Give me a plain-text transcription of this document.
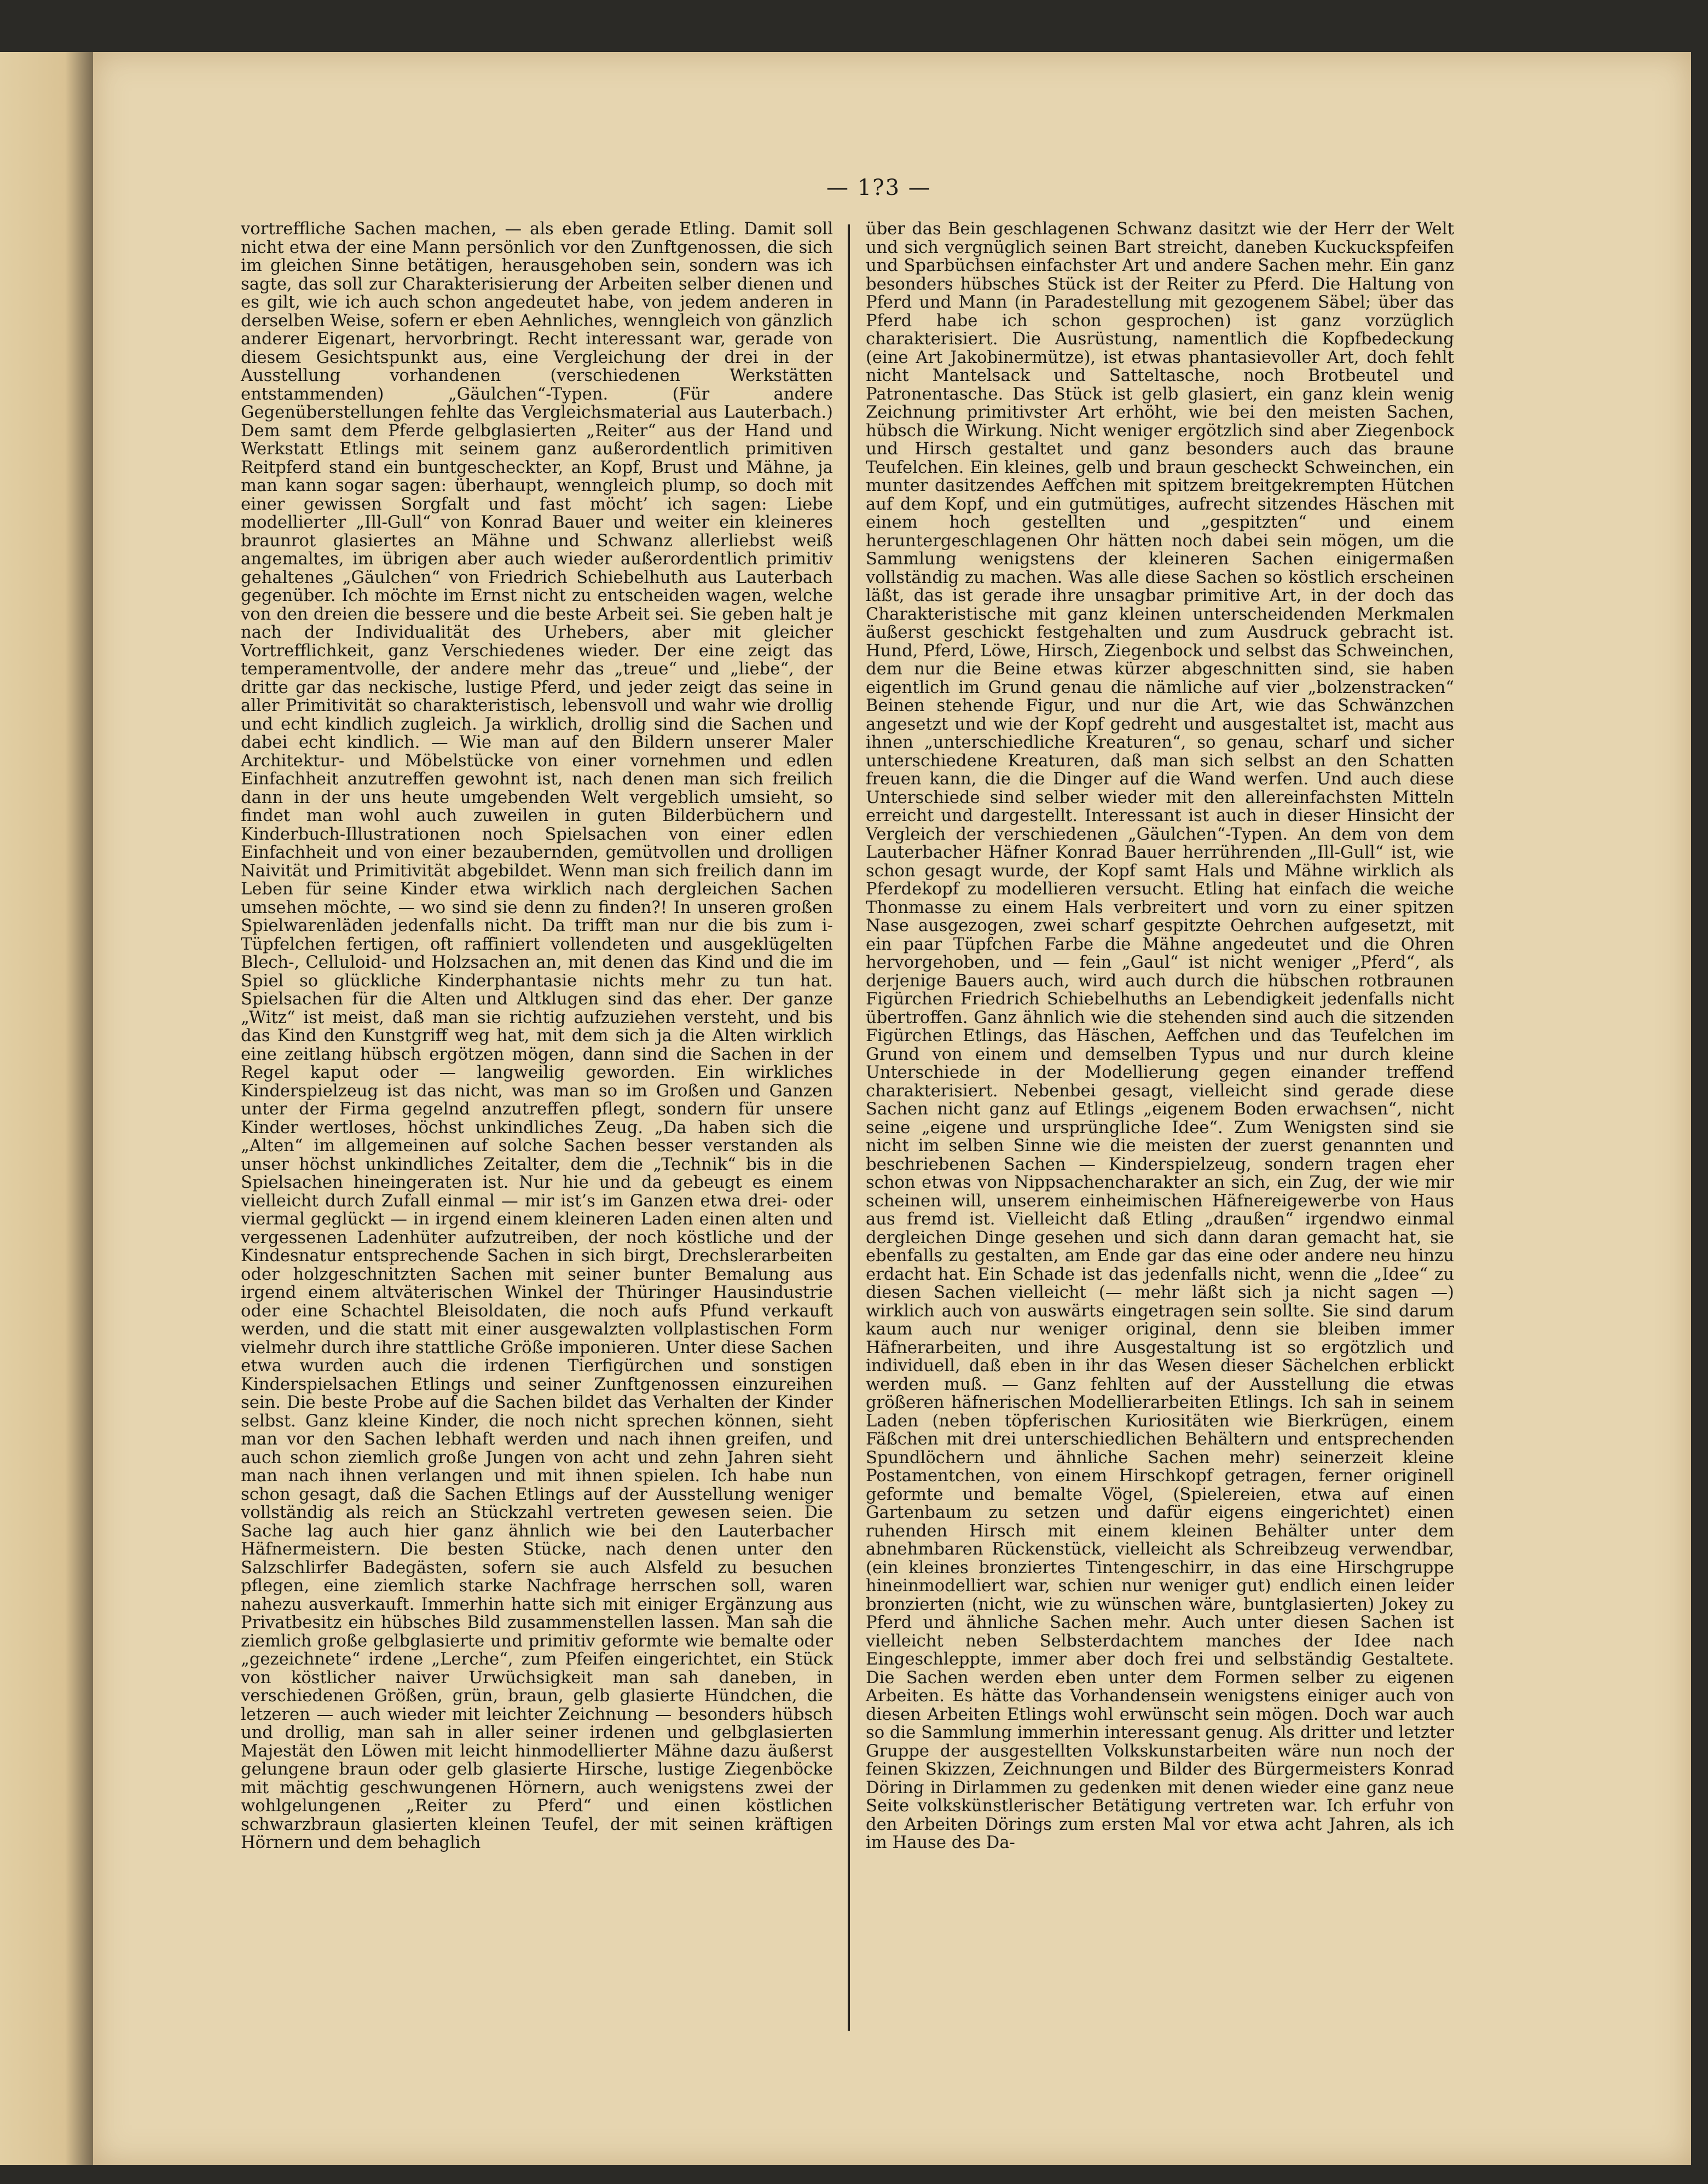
— 1?3 —

vortreffliche Sachen machen, — als eben gerade Etling. Damit soll nicht etwa der eine Mann persönlich vor den Zunftgenossen, die sich im gleichen Sinne betätigen, herausgehoben sein, sondern was ich sagte, das soll zur Charakterisierung der Arbeiten selber dienen und es gilt, wie ich auch schon angedeutet habe, von jedem anderen in derselben Weise, sofern er eben Aehnliches, wenngleich von gänzlich anderer Eigenart, hervorbringt. Recht interessant war, gerade von diesem Gesichtspunkt aus, eine Vergleichung der drei in der Ausstellung vorhandenen (verschiedenen Werkstätten entstammenden) „Gäulchen“-Typen. (Für andere Gegenüberstellungen fehlte das Vergleichsmaterial aus Lauterbach.) Dem samt dem Pferde gelbglasierten „Reiter“ aus der Hand und Werkstatt Etlings mit seinem ganz außerordentlich primitiven Reitpferd stand ein buntgescheckter, an Kopf, Brust und Mähne, ja man kann sogar sagen: überhaupt, wenngleich plump, so doch mit einer gewissen Sorgfalt und fast möcht’ ich sagen: Liebe modellierter „Ill-Gull“ von Konrad Bauer und weiter ein kleineres braunrot glasiertes an Mähne und Schwanz allerliebst weiß angemaltes, im übrigen aber auch wieder außerordentlich primitiv gehaltenes „Gäulchen“ von Friedrich Schiebelhuth aus Lauterbach gegenüber. Ich möchte im Ernst nicht zu entscheiden wagen, welche von den dreien die bessere und die beste Arbeit sei. Sie geben halt je nach der Individualität des Urhebers, aber mit gleicher Vortrefflichkeit, ganz Verschiedenes wieder. Der eine zeigt das temperamentvolle, der andere mehr das „treue“ und „liebe“, der dritte gar das neckische, lustige Pferd, und jeder zeigt das seine in aller Primitivität so charakteristisch, lebensvoll und wahr wie drollig und echt kindlich zugleich. Ja wirklich, drollig sind die Sachen und dabei echt kindlich. — Wie man auf den Bildern unserer Maler Architektur- und Möbelstücke von einer vornehmen und edlen Einfachheit anzutreffen gewohnt ist, nach denen man sich freilich dann in der uns heute umgebenden Welt vergeblich umsieht, so findet man wohl auch zuweilen in guten Bilderbüchern und Kinderbuch-Illustrationen noch Spielsachen von einer edlen Einfachheit und von einer bezaubernden, gemütvollen und drolligen Naivität und Primitivität abgebildet. Wenn man sich freilich dann im Leben für seine Kinder etwa wirklich nach dergleichen Sachen umsehen möchte, — wo sind sie denn zu finden?! In unseren großen Spielwarenläden jedenfalls nicht. Da trifft man nur die bis zum i-Tüpfelchen fertigen, oft raffiniert vollendeten und ausgeklügelten Blech-, Celluloid- und Holzsachen an, mit denen das Kind und die im Spiel so glückliche Kinderphantasie nichts mehr zu tun hat. Spielsachen für die Alten und Altklugen sind das eher. Der ganze „Witz“ ist meist, daß man sie richtig aufzuziehen versteht, und bis das Kind den Kunstgriff weg hat, mit dem sich ja die Alten wirklich eine zeitlang hübsch ergötzen mögen, dann sind die Sachen in der Regel kaput oder — langweilig geworden. Ein wirkliches Kinderspielzeug ist das nicht, was man so im Großen und Ganzen unter der Firma gegelnd anzutreffen pflegt, sondern für unsere Kinder wertloses, höchst unkindliches Zeug. „Da haben sich die „Alten“ im allgemeinen auf solche Sachen besser verstanden als unser höchst unkindliches Zeitalter, dem die „Technik“ bis in die Spielsachen hineingeraten ist. Nur hie und da gebeugt es einem vielleicht durch Zufall einmal — mir ist’s im Ganzen etwa drei- oder viermal geglückt — in irgend einem kleineren Laden einen alten und vergessenen Ladenhüter aufzutreiben, der noch köstliche und der Kindesnatur entsprechende Sachen in sich birgt, Drechslerarbeiten oder holzgeschnitzten Sachen mit seiner bunter Bemalung aus irgend einem altväterischen Winkel der Thüringer Hausindustrie oder eine Schachtel Bleisoldaten, die noch aufs Pfund verkauft werden, und die statt mit einer ausgewalzten vollplastischen Form vielmehr durch ihre stattliche Größe imponieren. Unter diese Sachen etwa wurden auch die irdenen Tierfigürchen und sonstigen Kinderspielsachen Etlings und seiner Zunftgenossen einzureihen sein. Die beste Probe auf die Sachen bildet das Verhalten der Kinder selbst. Ganz kleine Kinder, die noch nicht sprechen können, sieht man vor den Sachen lebhaft werden und nach ihnen greifen, und auch schon ziemlich große Jungen von acht und zehn Jahren sieht man nach ihnen verlangen und mit ihnen spielen. Ich habe nun schon gesagt, daß die Sachen Etlings auf der Ausstellung weniger vollständig als reich an Stückzahl vertreten gewesen seien. Die Sache lag auch hier ganz ähnlich wie bei den Lauterbacher Häfnermeistern. Die besten Stücke, nach denen unter den Salzschlirfer Badegästen, sofern sie auch Alsfeld zu besuchen pflegen, eine ziemlich starke Nachfrage herrschen soll, waren nahezu ausverkauft. Immerhin hatte sich mit einiger Ergänzung aus Privatbesitz ein hübsches Bild zusammenstellen lassen. Man sah die ziemlich große gelbglasierte und primitiv geformte wie bemalte oder „gezeichnete“ irdene „Lerche“, zum Pfeifen eingerichtet, ein Stück von köstlicher naiver Urwüchsigkeit man sah daneben, in verschiedenen Größen, grün, braun, gelb glasierte Hündchen, die letzeren — auch wieder mit leichter Zeichnung — besonders hübsch und drollig, man sah in aller seiner irdenen und gelbglasierten Majestät den Löwen mit leicht hinmodellierter Mähne dazu äußerst gelungene braun oder gelb glasierte Hirsche, lustige Ziegenböcke mit mächtig geschwungenen Hörnern, auch wenigstens zwei der wohlgelungenen „Reiter zu Pferd“ und einen köstlichen schwarzbraun glasierten kleinen Teufel, der mit seinen kräftigen Hörnern und dem behaglich

über das Bein geschlagenen Schwanz dasitzt wie der Herr der Welt und sich vergnüglich seinen Bart streicht, daneben Kuckuckspfeifen und Sparbüchsen einfachster Art und andere Sachen mehr. Ein ganz besonders hübsches Stück ist der Reiter zu Pferd. Die Haltung von Pferd und Mann (in Paradestellung mit gezogenem Säbel; über das Pferd habe ich schon gesprochen) ist ganz vorzüglich charakterisiert. Die Ausrüstung, namentlich die Kopfbedeckung (eine Art Jakobinermütze), ist etwas phantasievoller Art, doch fehlt nicht Mantelsack und Satteltasche, noch Brotbeutel und Patronentasche. Das Stück ist gelb glasiert, ein ganz klein wenig Zeichnung primitivster Art erhöht, wie bei den meisten Sachen, hübsch die Wirkung. Nicht weniger ergötzlich sind aber Ziegenbock und Hirsch gestaltet und ganz besonders auch das braune Teufelchen. Ein kleines, gelb und braun gescheckt Schweinchen, ein munter dasitzendes Aeffchen mit spitzem breitgekrempten Hütchen auf dem Kopf, und ein gutmütiges, aufrecht sitzendes Häschen mit einem hoch gestellten und „gespitzten“ und einem heruntergeschlagenen Ohr hätten noch dabei sein mögen, um die Sammlung wenigstens der kleineren Sachen einigermaßen vollständig zu machen. Was alle diese Sachen so köstlich erscheinen läßt, das ist gerade ihre unsagbar primitive Art, in der doch das Charakteristische mit ganz kleinen unterscheidenden Merkmalen äußerst geschickt festgehalten und zum Ausdruck gebracht ist. Hund, Pferd, Löwe, Hirsch, Ziegenbock und selbst das Schweinchen, dem nur die Beine etwas kürzer abgeschnitten sind, sie haben eigentlich im Grund genau die nämliche auf vier „bolzenstracken“ Beinen stehende Figur, und nur die Art, wie das Schwänzchen angesetzt und wie der Kopf gedreht und ausgestaltet ist, macht aus ihnen „unterschiedliche Kreaturen“, so genau, scharf und sicher unterschiedene Kreaturen, daß man sich selbst an den Schatten freuen kann, die die Dinger auf die Wand werfen. Und auch diese Unterschiede sind selber wieder mit den allereinfachsten Mitteln erreicht und dargestellt. Interessant ist auch in dieser Hinsicht der Vergleich der verschiedenen „Gäulchen“-Typen. An dem von dem Lauterbacher Häfner Konrad Bauer herrührenden „Ill-Gull“ ist, wie schon gesagt wurde, der Kopf samt Hals und Mähne wirklich als Pferdekopf zu modellieren versucht. Etling hat einfach die weiche Thonmasse zu einem Hals verbreitert und vorn zu einer spitzen Nase ausgezogen, zwei scharf gespitzte Oehrchen aufgesetzt, mit ein paar Tüpfchen Farbe die Mähne angedeutet und die Ohren hervorgehoben, und — fein „Gaul“ ist nicht weniger „Pferd“, als derjenige Bauers auch, wird auch durch die hübschen rotbraunen Figürchen Friedrich Schiebelhuths an Lebendigkeit jedenfalls nicht übertroffen. Ganz ähnlich wie die stehenden sind auch die sitzenden Figürchen Etlings, das Häschen, Aeffchen und das Teufelchen im Grund von einem und demselben Typus und nur durch kleine Unterschiede in der Modellierung gegen einander treffend charakterisiert. Nebenbei gesagt, vielleicht sind gerade diese Sachen nicht ganz auf Etlings „eigenem Boden erwachsen“, nicht seine „eigene und ursprüngliche Idee“. Zum Wenigsten sind sie nicht im selben Sinne wie die meisten der zuerst genannten und beschriebenen Sachen — Kinderspielzeug, sondern tragen eher schon etwas von Nippsachencharakter an sich, ein Zug, der wie mir scheinen will, unserem einheimischen Häfnereigewerbe von Haus aus fremd ist. Vielleicht daß Etling „draußen“ irgendwo einmal dergleichen Dinge gesehen und sich dann daran gemacht hat, sie ebenfalls zu gestalten, am Ende gar das eine oder andere neu hinzu erdacht hat. Ein Schade ist das jedenfalls nicht, wenn die „Idee“ zu diesen Sachen vielleicht (— mehr läßt sich ja nicht sagen —) wirklich auch von auswärts eingetragen sein sollte. Sie sind darum kaum auch nur weniger original, denn sie bleiben immer Häfnerarbeiten, und ihre Ausgestaltung ist so ergötzlich und individuell, daß eben in ihr das Wesen dieser Sächelchen erblickt werden muß. — Ganz fehlten auf der Ausstellung die etwas größeren häfnerischen Modellierarbeiten Etlings. Ich sah in seinem Laden (neben töpferischen Kuriositäten wie Bierkrügen, einem Fäßchen mit drei unterschiedlichen Behältern und entsprechenden Spundlöchern und ähnliche Sachen mehr) seinerzeit kleine Postamentchen, von einem Hirschkopf getragen, ferner originell geformte und bemalte Vögel, (Spielereien, etwa auf einen Gartenbaum zu setzen und dafür eigens eingerichtet) einen ruhenden Hirsch mit einem kleinen Behälter unter dem abnehmbaren Rückenstück, vielleicht als Schreibzeug verwendbar, (ein kleines bronziertes Tintengeschirr, in das eine Hirschgruppe hineinmodelliert war, schien nur weniger gut) endlich einen leider bronzierten (nicht, wie zu wünschen wäre, buntglasierten) Jokey zu Pferd und ähnliche Sachen mehr. Auch unter diesen Sachen ist vielleicht neben Selbsterdachtem manches der Idee nach Eingeschleppte, immer aber doch frei und selbständig Gestaltete. Die Sachen werden eben unter dem Formen selber zu eigenen Arbeiten. Es hätte das Vorhandensein wenigstens einiger auch von diesen Arbeiten Etlings wohl erwünscht sein mögen. Doch war auch so die Sammlung immerhin interessant genug. Als dritter und letzter Gruppe der ausgestellten Volkskunstarbeiten wäre nun noch der feinen Skizzen, Zeichnungen und Bilder des Bürgermeisters Konrad Döring in Dirlammen zu gedenken mit denen wieder eine ganz neue Seite volkskünstlerischer Betätigung vertreten war. Ich erfuhr von den Arbeiten Dörings zum ersten Mal vor etwa acht Jahren, als ich im Hause des Da-
